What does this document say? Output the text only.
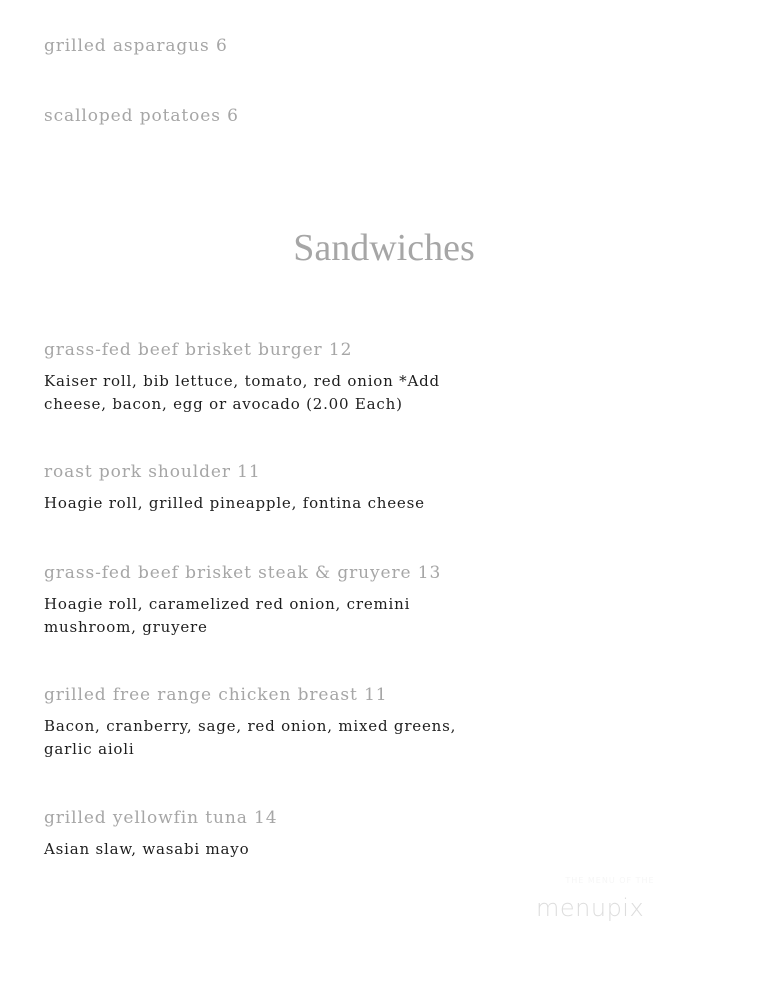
grilled asparagus 6
scalloped potatoes 6
Sandwiches
grass-fed beef brisket burger 12

Kaiser roll, bib lettuce, tomato, red onion *Add cheese, bacon, egg or avocado (2.00 Each)

roast pork shoulder 11

Hoagie roll, grilled pineapple, fontina cheese

grass-fed beef brisket steak & gruyere 13

Hoagie roll, caramelized red onion, cremini mushroom, gruyere

grilled free range chicken breast 11

Bacon, cranberry, sage, red onion, mixed greens, garlic aioli

grilled yellowfin tuna 14

Asian slaw, wasabi mayo

THE MENU OF THE
menupix
